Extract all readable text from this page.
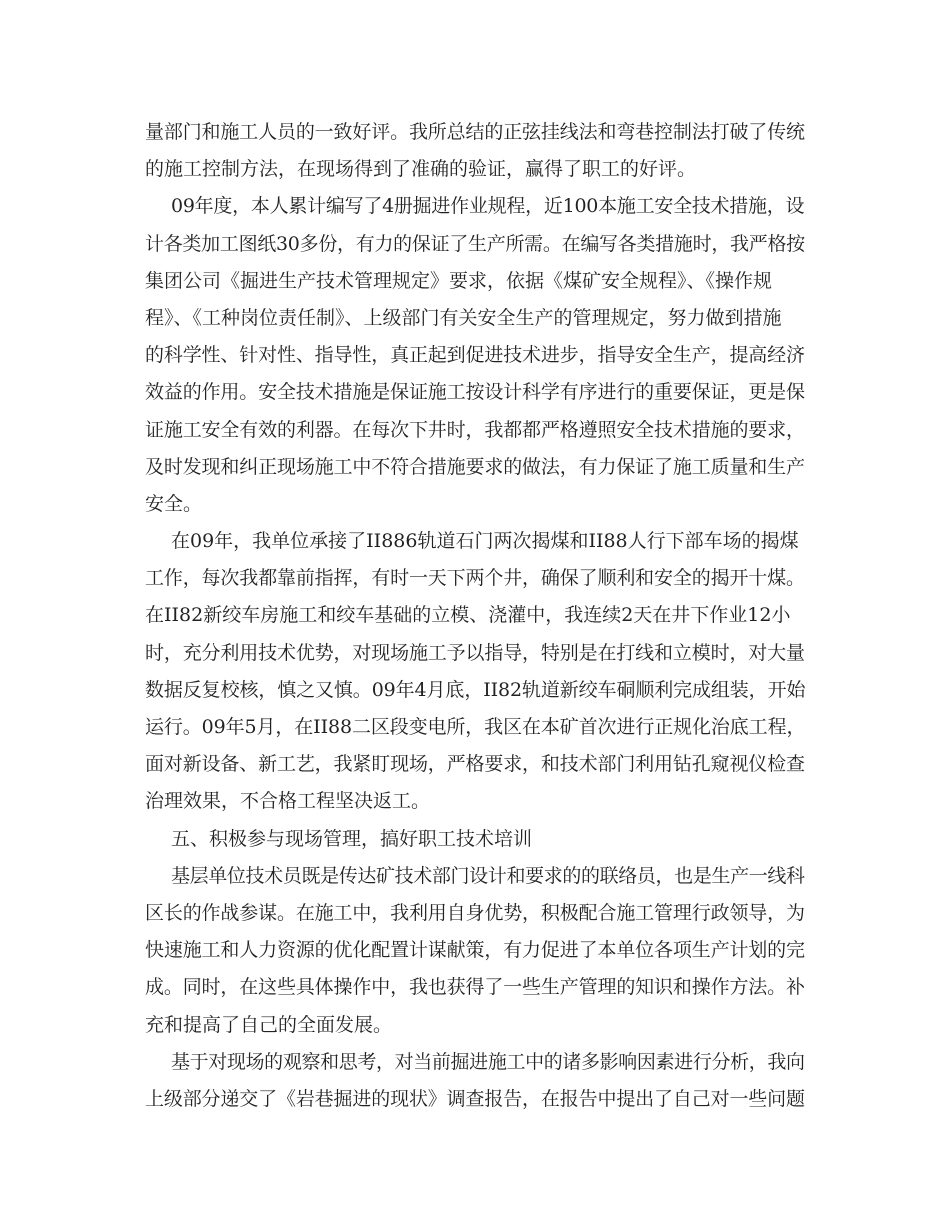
量部门和施工人员的一致好评。我所总结的正弦挂线法和弯巷控制法打破了传统
的施工控制方法，在现场得到了准确的验证，赢得了职工的好评。
09年度，本人累计编写了4册掘进作业规程，近100本施工安全技术措施，设
计各类加工图纸30多份，有力的保证了生产所需。在编写各类措施时，我严格按
集团公司《掘进生产技术管理规定》要求，依据《煤矿安全规程》、《操作规
程》、《工种岗位责任制》、上级部门有关安全生产的管理规定，努力做到措施
的科学性、针对性、指导性，真正起到促进技术进步，指导安全生产，提高经济
效益的作用。安全技术措施是保证施工按设计科学有序进行的重要保证，更是保
证施工安全有效的利器。在每次下井时，我都都严格遵照安全技术措施的要求，
及时发现和纠正现场施工中不符合措施要求的做法，有力保证了施工质量和生产
安全。
在09年，我单位承接了II886轨道石门两次揭煤和II88人行下部车场的揭煤
工作，每次我都靠前指挥，有时一天下两个井，确保了顺利和安全的揭开十煤。
在II82新绞车房施工和绞车基础的立模、浇灌中，我连续2天在井下作业12小
时，充分利用技术优势，对现场施工予以指导，特别是在打线和立模时，对大量
数据反复校核，慎之又慎。09年4月底，II82轨道新绞车硐顺利完成组装，开始
运行。09年5月，在II88二区段变电所，我区在本矿首次进行正规化治底工程，
面对新设备、新工艺，我紧盯现场，严格要求，和技术部门利用钻孔窥视仪检查
治理效果，不合格工程坚决返工。
五、积极参与现场管理，搞好职工技术培训
基层单位技术员既是传达矿技术部门设计和要求的的联络员，也是生产一线科
区长的作战参谋。在施工中，我利用自身优势，积极配合施工管理行政领导，为
快速施工和人力资源的优化配置计谋献策，有力促进了本单位各项生产计划的完
成。同时，在这些具体操作中，我也获得了一些生产管理的知识和操作方法。补
充和提高了自己的全面发展。
基于对现场的观察和思考，对当前掘进施工中的诸多影响因素进行分析，我向
上级部分递交了《岩巷掘进的现状》调查报告，在报告中提出了自己对一些问题
